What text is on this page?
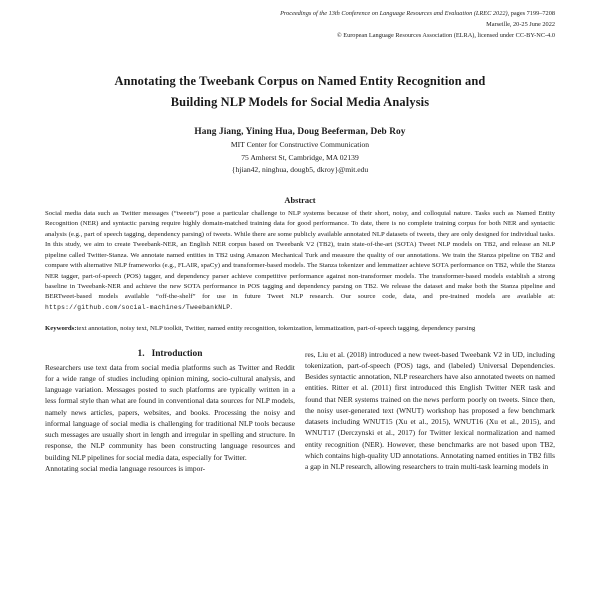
Proceedings of the 13th Conference on Language Resources and Evaluation (LREC 2022), pages 7199–7208
Marseille, 20-25 June 2022
© European Language Resources Association (ELRA), licensed under CC-BY-NC-4.0
Annotating the Tweebank Corpus on Named Entity Recognition and
Building NLP Models for Social Media Analysis
Hang Jiang, Yining Hua, Doug Beeferman, Deb Roy
MIT Center for Constructive Communication
75 Amherst St, Cambridge, MA 02139
{hjian42, ninghua, dougb5, dkroy}@mit.edu
Abstract
Social media data such as Twitter messages (“tweets”) pose a particular challenge to NLP systems because of their short, noisy, and colloquial nature. Tasks such as Named Entity Recognition (NER) and syntactic parsing require highly domain-matched training data for good performance. To date, there is no complete training corpus for both NER and syntactic analysis (e.g., part of speech tagging, dependency parsing) of tweets. While there are some publicly available annotated NLP datasets of tweets, they are only designed for individual tasks. In this study, we aim to create Tweebank-NER, an English NER corpus based on Tweebank V2 (TB2), train state-of-the-art (SOTA) Tweet NLP models on TB2, and release an NLP pipeline called Twitter-Stanza. We annotate named entities in TB2 using Amazon Mechanical Turk and measure the quality of our annotations. We train the Stanza pipeline on TB2 and compare with alternative NLP frameworks (e.g., FLAIR, spaCy) and transformer-based models. The Stanza tokenizer and lemmatizer achieve SOTA performance on TB2, while the Stanza NER tagger, part-of-speech (POS) tagger, and dependency parser achieve competitive performance against non-transformer models. The transformer-based models establish a strong baseline in Tweebank-NER and achieve the new SOTA performance in POS tagging and dependency parsing on TB2. We release the dataset and make both the Stanza pipeline and BERTweet-based models available “off-the-shelf” for use in future Tweet NLP research. Our source code, data, and pre-trained models are available at: https://github.com/social-machines/TweebankNLP.
Keywords:text annotation, noisy text, NLP toolkit, Twitter, named entity recognition, tokenization, lemmatization, part-of-speech tagging, dependency parsing
1. Introduction

Researchers use text data from social media platforms such as Twitter and Reddit for a wide range of studies including opinion mining, socio-cultural analysis, and language variation. Messages posted to such platforms are typically written in a less formal style than what are found in conventional data sources for NLP models, namely news articles, papers, websites, and books. Processing the noisy and informal language of social media is challenging for traditional NLP tools because such messages are usually short in length and irregular in spelling and structure. In response, the NLP community has been constructing language resources and building NLP pipelines for social media data, especially for Twitter.

Annotating social media language resources is impor-

res, Liu et al. (2018) introduced a new tweet-based Tweebank V2 in UD, including tokenization, part-of-speech (POS) tags, and (labeled) Universal Dependencies. Besides syntactic annotation, NLP researchers have also annotated tweets on named entities. Ritter et al. (2011) first introduced this English Twitter NER task and found that NER systems trained on the news perform poorly on tweets. Since then, the noisy user-generated text (WNUT) workshop has proposed a few benchmark datasets including WNUT15 (Xu et al., 2015), WNUT16 (Xu et al., 2015), and WNUT17 (Derczynski et al., 2017) for Twitter lexical normalization and named entity recognition (NER). However, these benchmarks are not based upon TB2, which contains high-quality UD annotations. Annotating named entities in TB2 fills a gap in NLP research, allowing researchers to train multi-task learning models in
